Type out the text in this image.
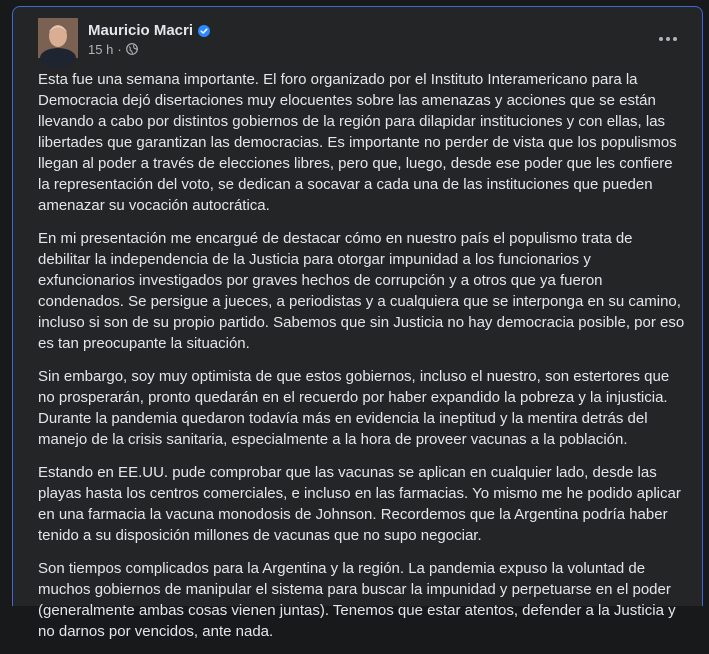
Mauricio Macri
15 h ·

Esta fue una semana importante. El foro organizado por el Instituto Interamericano para la Democracia dejó disertaciones muy elocuentes sobre las amenazas y acciones que se están llevando a cabo por distintos gobiernos de la región para dilapidar instituciones y con ellas, las libertades que garantizan las democracias. Es importante no perder de vista que los populismos llegan al poder a través de elecciones libres, pero que, luego, desde ese poder que les confiere la representación del voto, se dedican a socavar a cada una de las instituciones que pueden amenazar su vocación autocrática.

En mi presentación me encargué de destacar cómo en nuestro país el populismo trata de debilitar la independencia de la Justicia para otorgar impunidad a los funcionarios y exfuncionarios investigados por graves hechos de corrupción y a otros que ya fueron condenados. Se persigue a jueces, a periodistas y a cualquiera que se interponga en su camino, incluso si son de su propio partido. Sabemos que sin Justicia no hay democracia posible, por eso es tan preocupante la situación.

Sin embargo, soy muy optimista de que estos gobiernos, incluso el nuestro, son estertores que no prosperarán, pronto quedarán en el recuerdo por haber expandido la pobreza y la injusticia. Durante la pandemia quedaron todavía más en evidencia la ineptitud y la mentira detrás del manejo de la crisis sanitaria, especialmente a la hora de proveer vacunas a la población.

Estando en EE.UU. pude comprobar que las vacunas se aplican en cualquier lado, desde las playas hasta los centros comerciales, e incluso en las farmacias. Yo mismo me he podido aplicar en una farmacia la vacuna monodosis de Johnson. Recordemos que la Argentina podría haber tenido a su disposición millones de vacunas que no supo negociar.

Son tiempos complicados para la Argentina y la región. La pandemia expuso la voluntad de muchos gobiernos de manipular el sistema para buscar la impunidad y perpetuarse en el poder (generalmente ambas cosas vienen juntas). Tenemos que estar atentos, defender a la Justicia y no darnos por vencidos, ante nada.
